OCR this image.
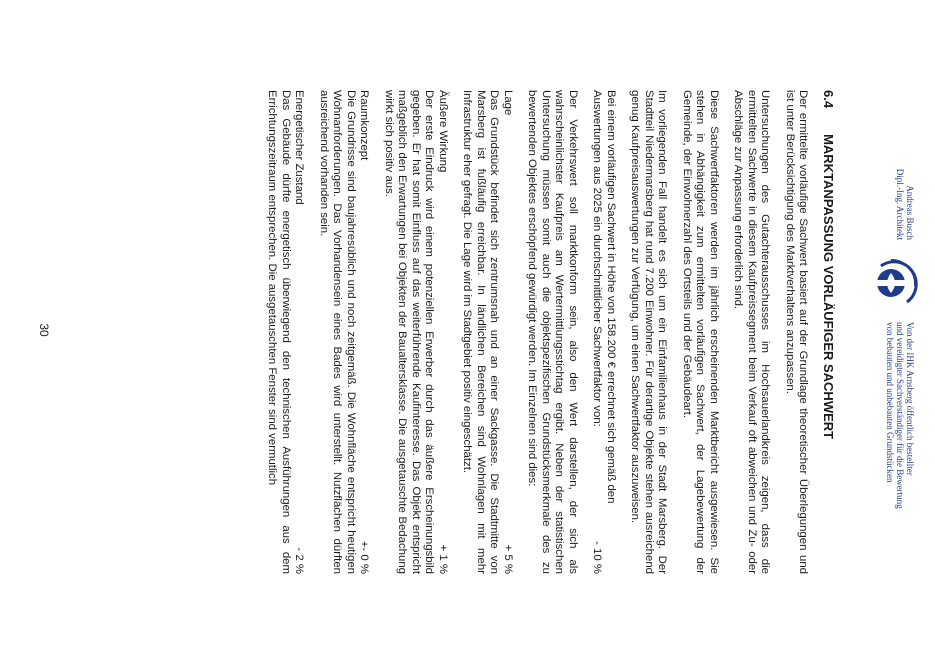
Andreas Busch
Dipl.-Ing. Architekt
Von der IHK Arnsberg öffentlich bestellter
und vereidigter Sachverständiger für die Bewertung
von bebauten und unbebauten Grundstücken
6.4
MARKTANPASSUNG VORLÄUFIGER SACHWERT

Der ermittelte vorläufige Sachwert basiert auf der Grundlage theoretischer Überlegungen und ist unter Berücksichtigung des Marktverhaltens anzupassen.

Untersuchungen des Gutachterausschusses im Hochsauerlandkreis zeigen, dass die ermittelten Sachwerte in diesem Kaufpreissegment beim Verkauf oft abweichen und Zu- oder Abschläge zur Anpassung erforderlich sind.

Diese Sachwertfaktoren werden im jährlich erscheinenden Marktbericht ausgewiesen. Sie stehen in Abhängigkeit zum ermittelten vorläufigen Sachwert, der Lagebewertung der Gemeinde, der Einwohnerzahl des Ortsteils und der Gebäudeart.

Im vorliegenden Fall handelt es sich um ein Einfamilienhaus in der Stadt Marsberg. Der Stadtteil Niedermarsberg hat rund 7.200 Einwohner. Für derartige Objekte stehen ausreichend genug Kaufpreisauswertungen zur Verfügung, um einen Sachwertfaktor auszuweisen.

Bei einem vorläufigen Sachwert in Höhe von 158.200 € errechnet sich gemäß den Auswertungen aus 2025 ein durchschnittlicher Sachwertfaktor von:
- 10 %

Der Verkehrswert soll marktkonform sein, also den Wert darstellen, der sich als wahrscheinlichster Kaufpreis am Wertermittlungsstichtag ergibt. Neben der statistischen Untersuchung müssen somit auch die objektspezifischen Grundstücksmerkmale des zu bewertenden Objektes erschöpfend gewürdigt werden. Im Einzelnen sind dies:

Lage
+ 5 %

Das Grundstück befindet sich zentrumsnah und an einer Sackgasse. Die Stadtmitte von Marsberg ist fußläufig erreichbar. In ländlichen Bereichen sind Wohnlagen mit mehr Infrastruktur eher gefragt. Die Lage wird im Stadtgebiet positiv eingeschätzt.

Äußere Wirkung
+ 1 %

Der erste Eindruck wird einem potenziellen Erwerber durch das äußere Erscheinungsbild gegeben. Er hat somit Einfluss auf das weiterführende Kaufinteresse. Das Objekt entspricht maßgeblich den Erwartungen bei Objekten der Baualtersklasse. Die ausgetauschte Bedachung wirkt sich positiv aus.

Raumkonzept
+- 0 %

Die Grundrisse sind baujahresüblich und noch zeitgemäß. Die Wohnfläche entspricht heutigen Wohnanforderungen. Das Vorhandensein eines Bades wird unterstellt. Nutzflächen dürften ausreichend vorhanden sein.

Energetischer Zustand
- 2 %

Das Gebäude dürfte energetisch überwiegend den technischen Ausführungen aus dem Errichtungszeitraum entsprechen. Die ausgetauschten Fenster sind vermutlich

30
